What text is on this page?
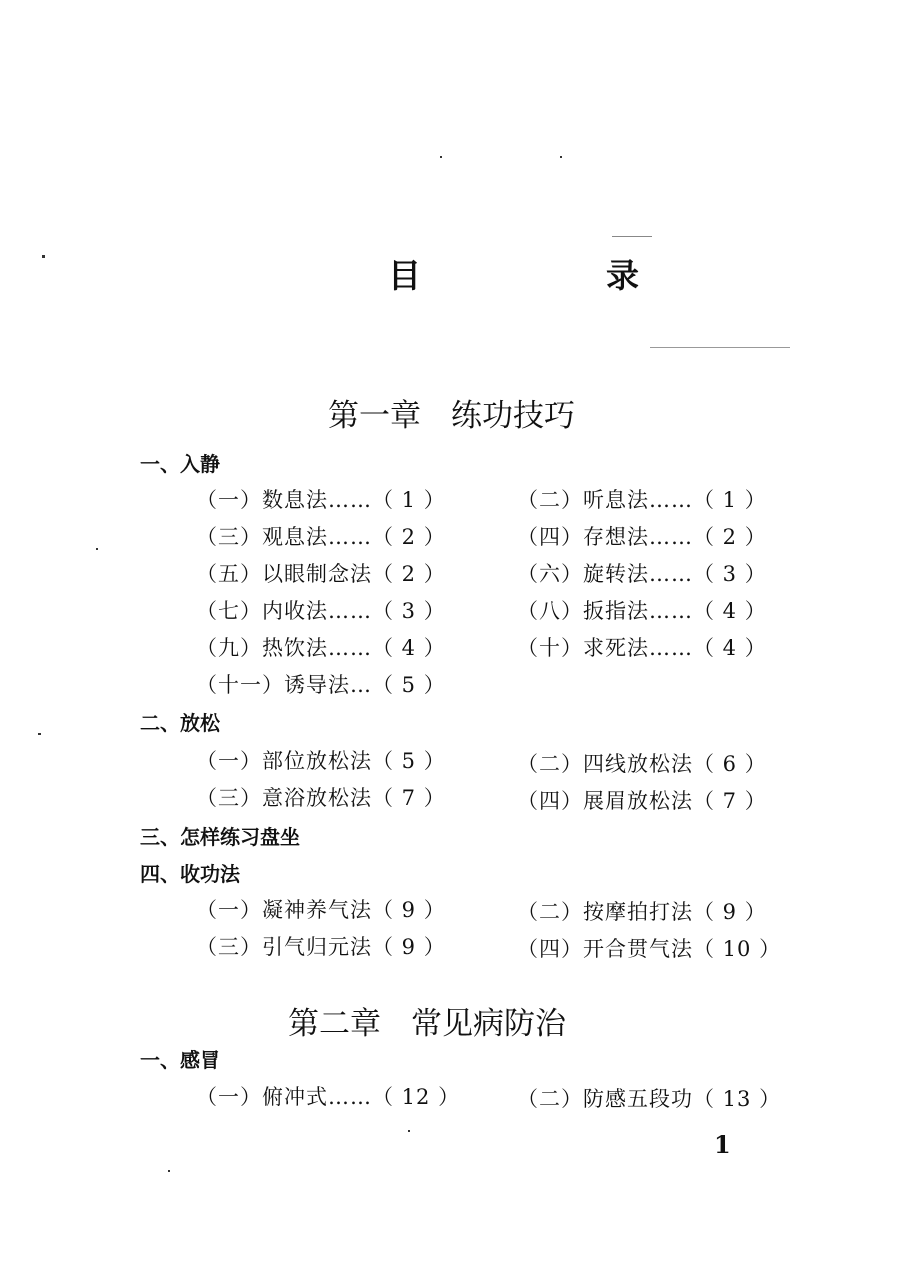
目　录
第一章 练功技巧
一、入静
（一）数息法……（ 1 ）	（二）听息法……（ 1 ）
（三）观息法……（ 2 ）	（四）存想法……（ 2 ）
（五）以眼制念法（ 2 ）	（六）旋转法……（ 3 ）
（七）内收法……（ 3 ）	（八）扳指法……（ 4 ）
（九）热饮法……（ 4 ）	（十）求死法……（ 4 ）
（十一）诱导法…（ 5 ）
二、放松
（一）部位放松法（ 5 ）	（二）四线放松法（ 6 ）
（三）意浴放松法（ 7 ）	（四）展眉放松法（ 7 ）
三、怎样练习盘坐
四、收功法
（一）凝神养气法（ 9 ）	（二）按摩拍打法（ 9 ）
（三）引气归元法（ 9 ）	（四）开合贯气法（ 10 ）
第二章 常见病防治
一、感冒
（一）俯冲式……（ 12 ）	（二）防感五段功（ 13 ）
1
